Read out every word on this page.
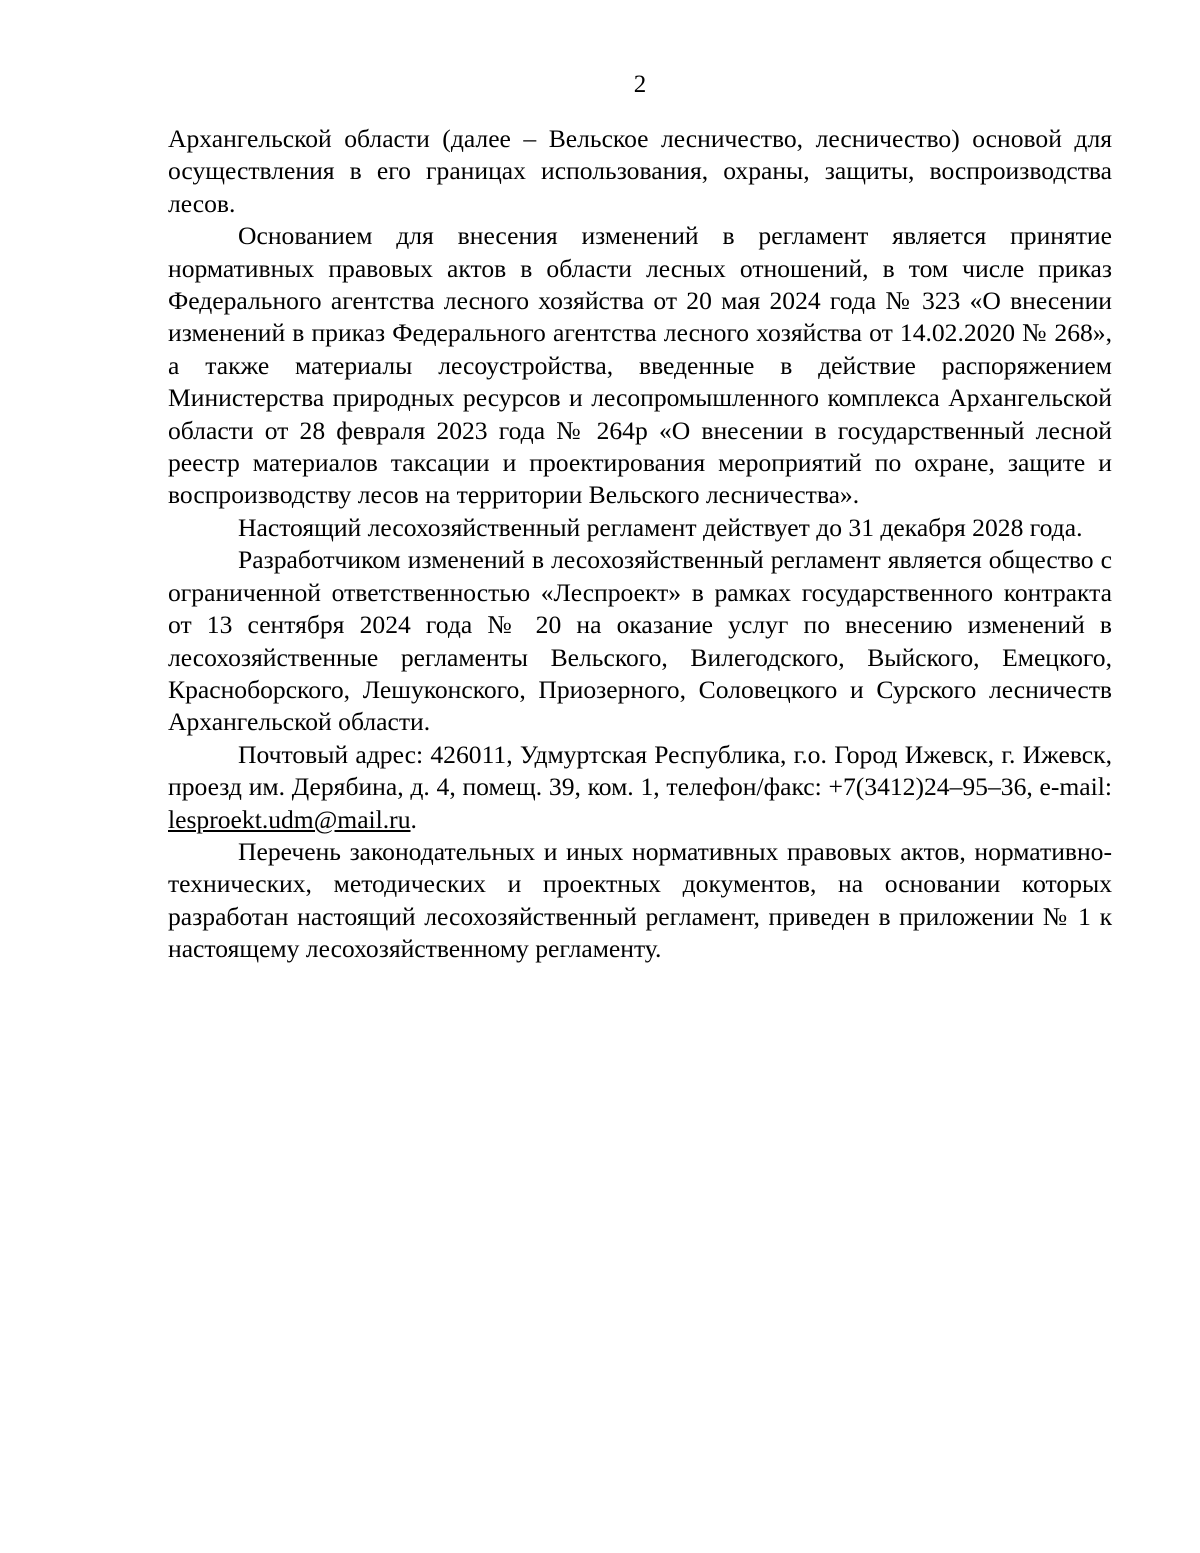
2

Архангельской области (далее – Вельское лесничество, лесничество) основой для осуществления в его границах использования, охраны, защиты, воспроизводства лесов.

Основанием для внесения изменений в регламент является принятие нормативных правовых актов в области лесных отношений, в том числе приказ Федерального агентства лесного хозяйства от 20 мая 2024 года № 323 «О внесении изменений в приказ Федерального агентства лесного хозяйства от 14.02.2020 № 268», а также материалы лесоустройства, введенные в действие распоряжением Министерства природных ресурсов и лесопромышленного комплекса Архангельской области от 28 февраля 2023 года № 264р «О внесении в государственный лесной реестр материалов таксации и проектирования мероприятий по охране, защите и воспроизводству лесов на территории Вельского лесничества».

Настоящий лесохозяйственный регламент действует до 31 декабря 2028 года.

Разработчиком изменений в лесохозяйственный регламент является общество с ограниченной ответственностью «Леспроект» в рамках государственного контракта от 13 сентября 2024 года № 20 на оказание услуг по внесению изменений в лесохозяйственные регламенты Вельского, Вилегодского, Выйского, Емецкого, Красноборского, Лешуконского, Приозерного, Соловецкого и Сурского лесничеств Архангельской области.

Почтовый адрес: 426011, Удмуртская Республика, г.о. Город Ижевск, г. Ижевск, проезд им. Дерябина, д. 4, помещ. 39, ком. 1, телефон/факс: +7(3412)24–95–36, e-mail: lesproekt.udm@mail.ru.

Перечень законодательных и иных нормативных правовых актов, нормативно-технических, методических и проектных документов, на основании которых разработан настоящий лесохозяйственный регламент, приведен в приложении № 1 к настоящему лесохозяйственному регламенту.
